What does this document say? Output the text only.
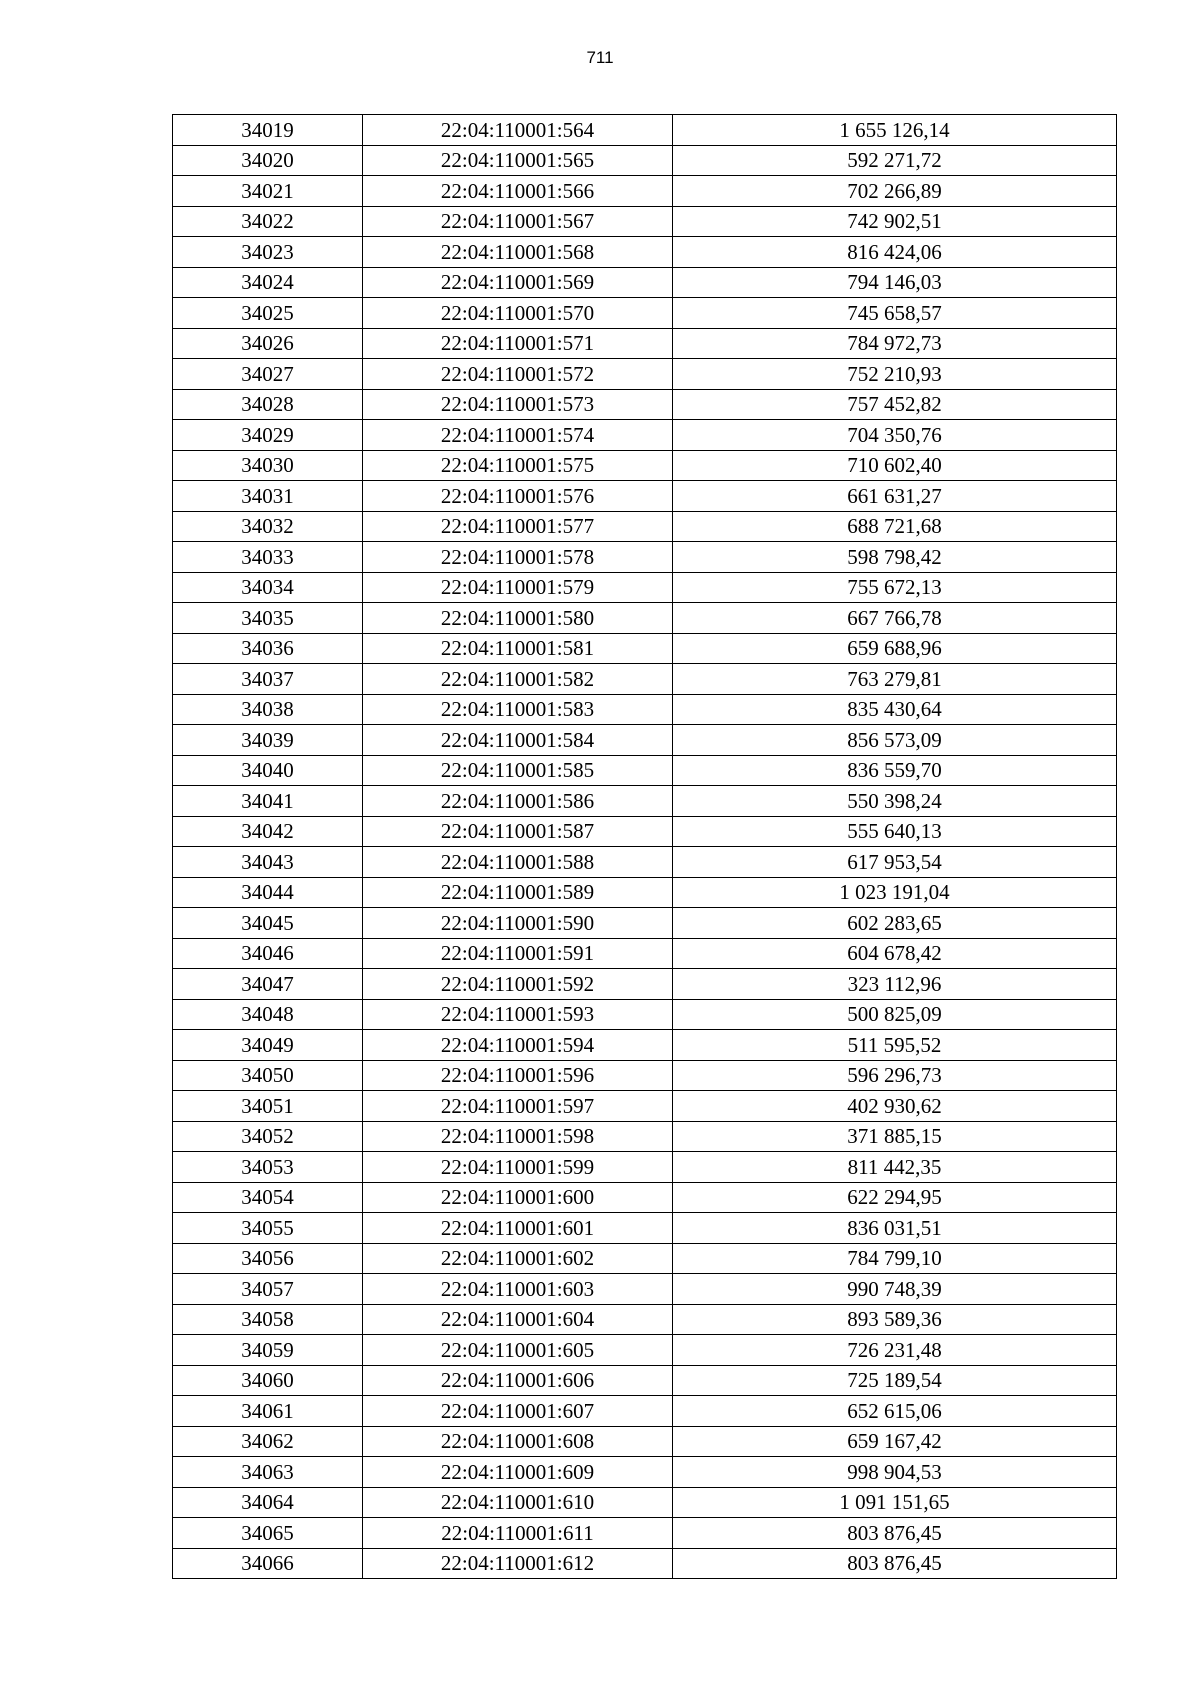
711
34019	22:04:110001:564	1 655 126,14
34020	22:04:110001:565	592 271,72
34021	22:04:110001:566	702 266,89
34022	22:04:110001:567	742 902,51
34023	22:04:110001:568	816 424,06
34024	22:04:110001:569	794 146,03
34025	22:04:110001:570	745 658,57
34026	22:04:110001:571	784 972,73
34027	22:04:110001:572	752 210,93
34028	22:04:110001:573	757 452,82
34029	22:04:110001:574	704 350,76
34030	22:04:110001:575	710 602,40
34031	22:04:110001:576	661 631,27
34032	22:04:110001:577	688 721,68
34033	22:04:110001:578	598 798,42
34034	22:04:110001:579	755 672,13
34035	22:04:110001:580	667 766,78
34036	22:04:110001:581	659 688,96
34037	22:04:110001:582	763 279,81
34038	22:04:110001:583	835 430,64
34039	22:04:110001:584	856 573,09
34040	22:04:110001:585	836 559,70
34041	22:04:110001:586	550 398,24
34042	22:04:110001:587	555 640,13
34043	22:04:110001:588	617 953,54
34044	22:04:110001:589	1 023 191,04
34045	22:04:110001:590	602 283,65
34046	22:04:110001:591	604 678,42
34047	22:04:110001:592	323 112,96
34048	22:04:110001:593	500 825,09
34049	22:04:110001:594	511 595,52
34050	22:04:110001:596	596 296,73
34051	22:04:110001:597	402 930,62
34052	22:04:110001:598	371 885,15
34053	22:04:110001:599	811 442,35
34054	22:04:110001:600	622 294,95
34055	22:04:110001:601	836 031,51
34056	22:04:110001:602	784 799,10
34057	22:04:110001:603	990 748,39
34058	22:04:110001:604	893 589,36
34059	22:04:110001:605	726 231,48
34060	22:04:110001:606	725 189,54
34061	22:04:110001:607	652 615,06
34062	22:04:110001:608	659 167,42
34063	22:04:110001:609	998 904,53
34064	22:04:110001:610	1 091 151,65
34065	22:04:110001:611	803 876,45
34066	22:04:110001:612	803 876,45
